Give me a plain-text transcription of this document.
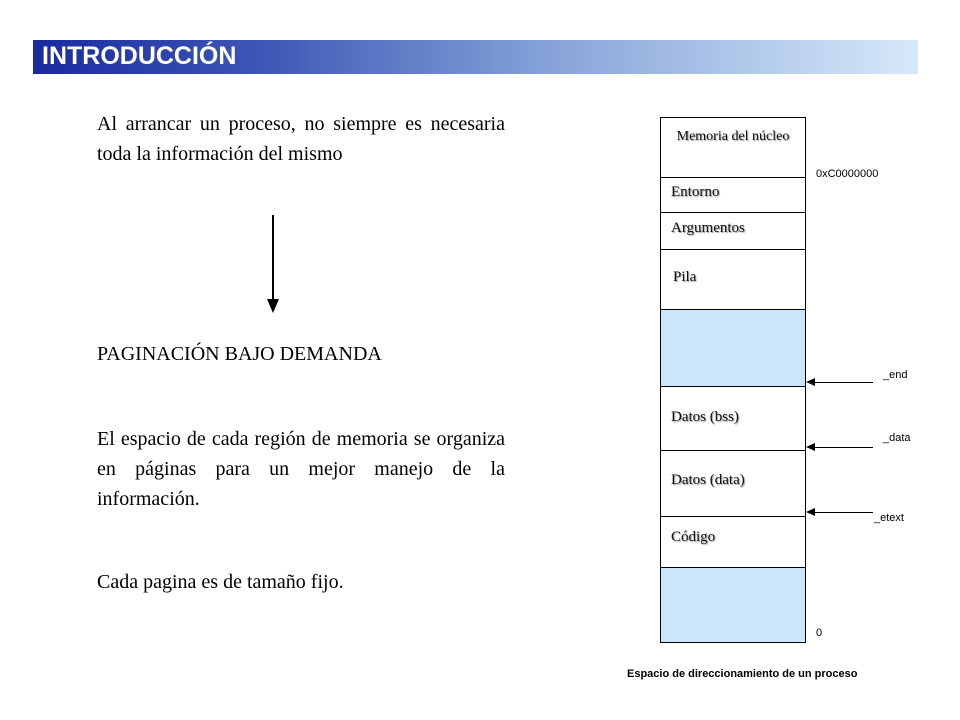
INTRODUCCIÓN

Al arrancar un proceso, no siempre es necesaria toda la información del mismo

PAGINACIÓN BAJO DEMANDA

El espacio de cada región de memoria se organiza en páginas para un mejor manejo de la información.

Cada pagina es de tamaño fijo.

Memoria del núcleo
Entorno
Argumentos
Pila
Datos (bss)
Datos (data)
Código
0xC0000000
_end
_data
_etext
0
Espacio de direccionamiento de un proceso
